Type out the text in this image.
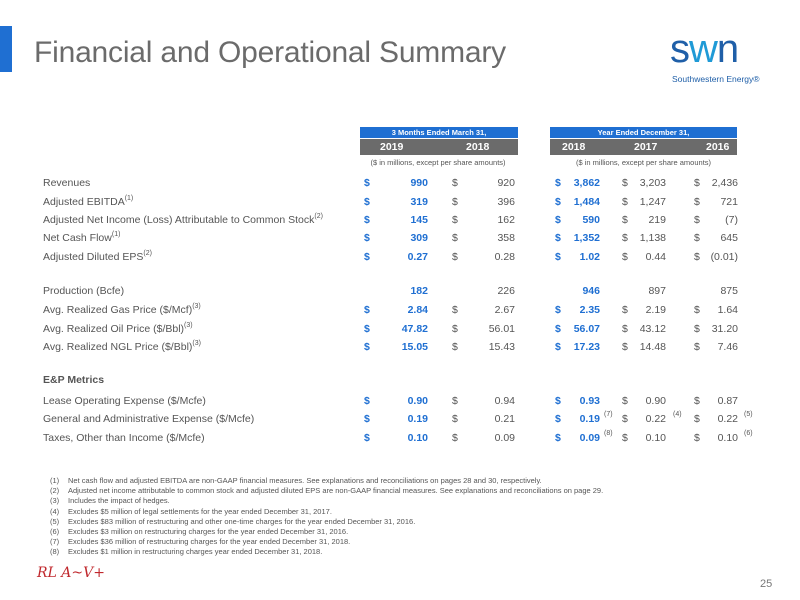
Financial and Operational Summary	s w n
Southwestern Energy®
3 Months Ended March 31,
2019	2018
Year Ended December 31,
2018	2017	2016
($ in millions, except per share amounts)	($ in millions, except per share amounts)
Revenues	$	990 $	920	$	3,862 $	3,203	$	2,436
Adjusted EBITDA$^{(1)}$	$	319 $	396	$	1,484 $	1,247	$	721
Adjusted Net Income (Loss) Attributable to Common Stock$^{(2)}$	$	145 $	162	$	590 $	219	$	(7)
Net Cash Flow$^{(1)}$	$	309 $	358	$	1,352 $	1,138	$	645
Adjusted Diluted EPS$^{(2)}$	$	0.27 $	0.28	$	1.02 $	0.44	$	(0.01)
Production (Bcfe)	182	226	946	897	875
Avg. Realized Gas Price ($/Mcf)$^{(3)}$	$	2.84 $	2.67	$	2.35 $	2.19	$	1.64
Avg. Realized Oil Price ($/Bbl)$^{(3)}$	$	47.82 $	56.01	$	56.07 $	43.12	$	31.20
Avg. Realized NGL Price ($/Bbl)$^{(3)}$	$	15.05 $	15.43	$	17.23 $	14.48	$	7.46
Lease Operating Expense ($/Mcfe)	$	0.90 $	0.94	$	0.93 $	0.90	$	0.87
General and Administrative Expense ($/Mcfe)	$	0.19 $	0.21	$	0.19 (7) $	0.22 (4) $	0.22 (5)
Taxes, Other than Income ($/Mcfe)	$	0.10 $	0.09	$	0.09 (8) $	0.10	$	0.10 (6)
E&P Metrics
(1)	Net cash flow and adjusted EBITDA are non-GAAP financial measures. See explanations and reconciliations on pages 28 and 30, respectively.
(2)	Adjusted net income attributable to common stock and adjusted diluted EPS are non-GAAP financial measures. See explanations and reconciliations on page 29.
(3)	Includes the impact of hedges.
(4)	Excludes $5 million of legal settlements for the year ended December 31, 2017.
(5)	Excludes $83 million of restructuring and other one-time charges for the year ended December 31, 2016.
(6)	Excludes $3 million on restructuring charges for the year ended December 31, 2016.
(7)	Excludes $36 million of restructuring charges for the year ended December 31, 2018.
(8)	Excludes $1 million in restructuring charges year ended December 31, 2018.
RL A~V+
25
